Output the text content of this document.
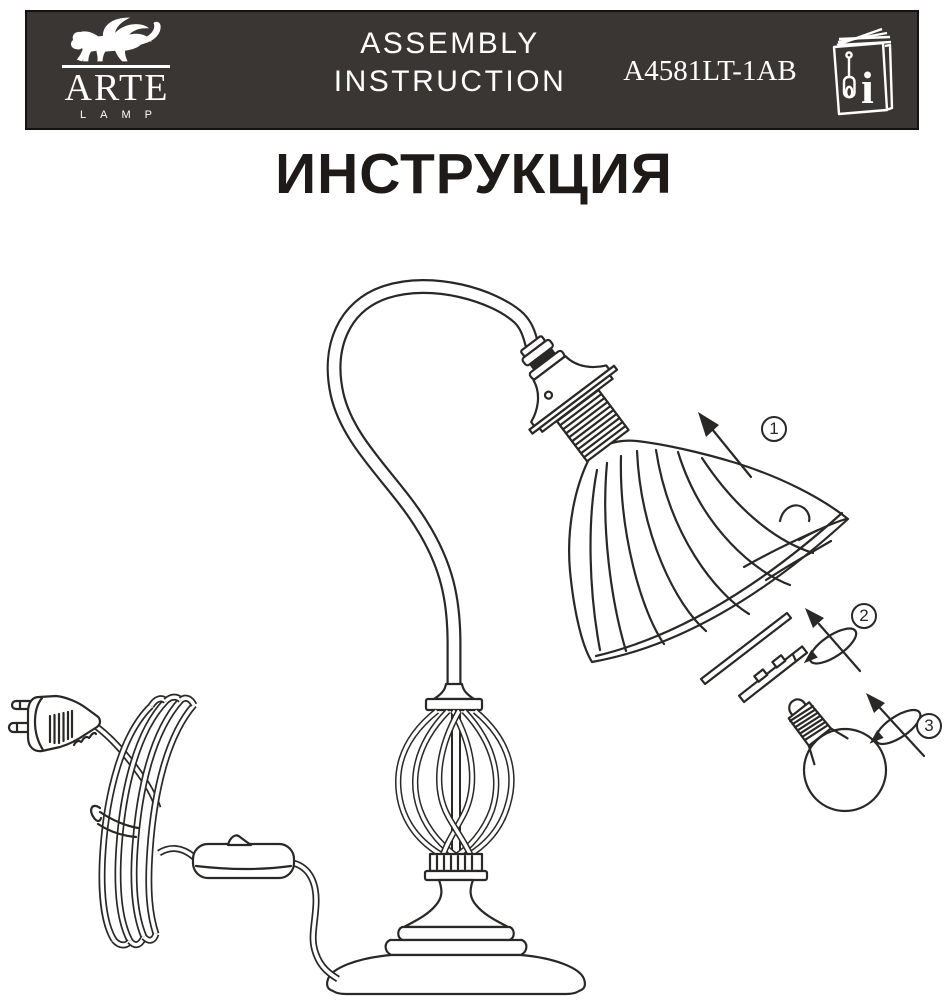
ARTE
LAMP
ASSEMBLY
INSTRUCTION	A4581LT-1AB	i
ИНСТРУКЦИЯ
1
2
3
